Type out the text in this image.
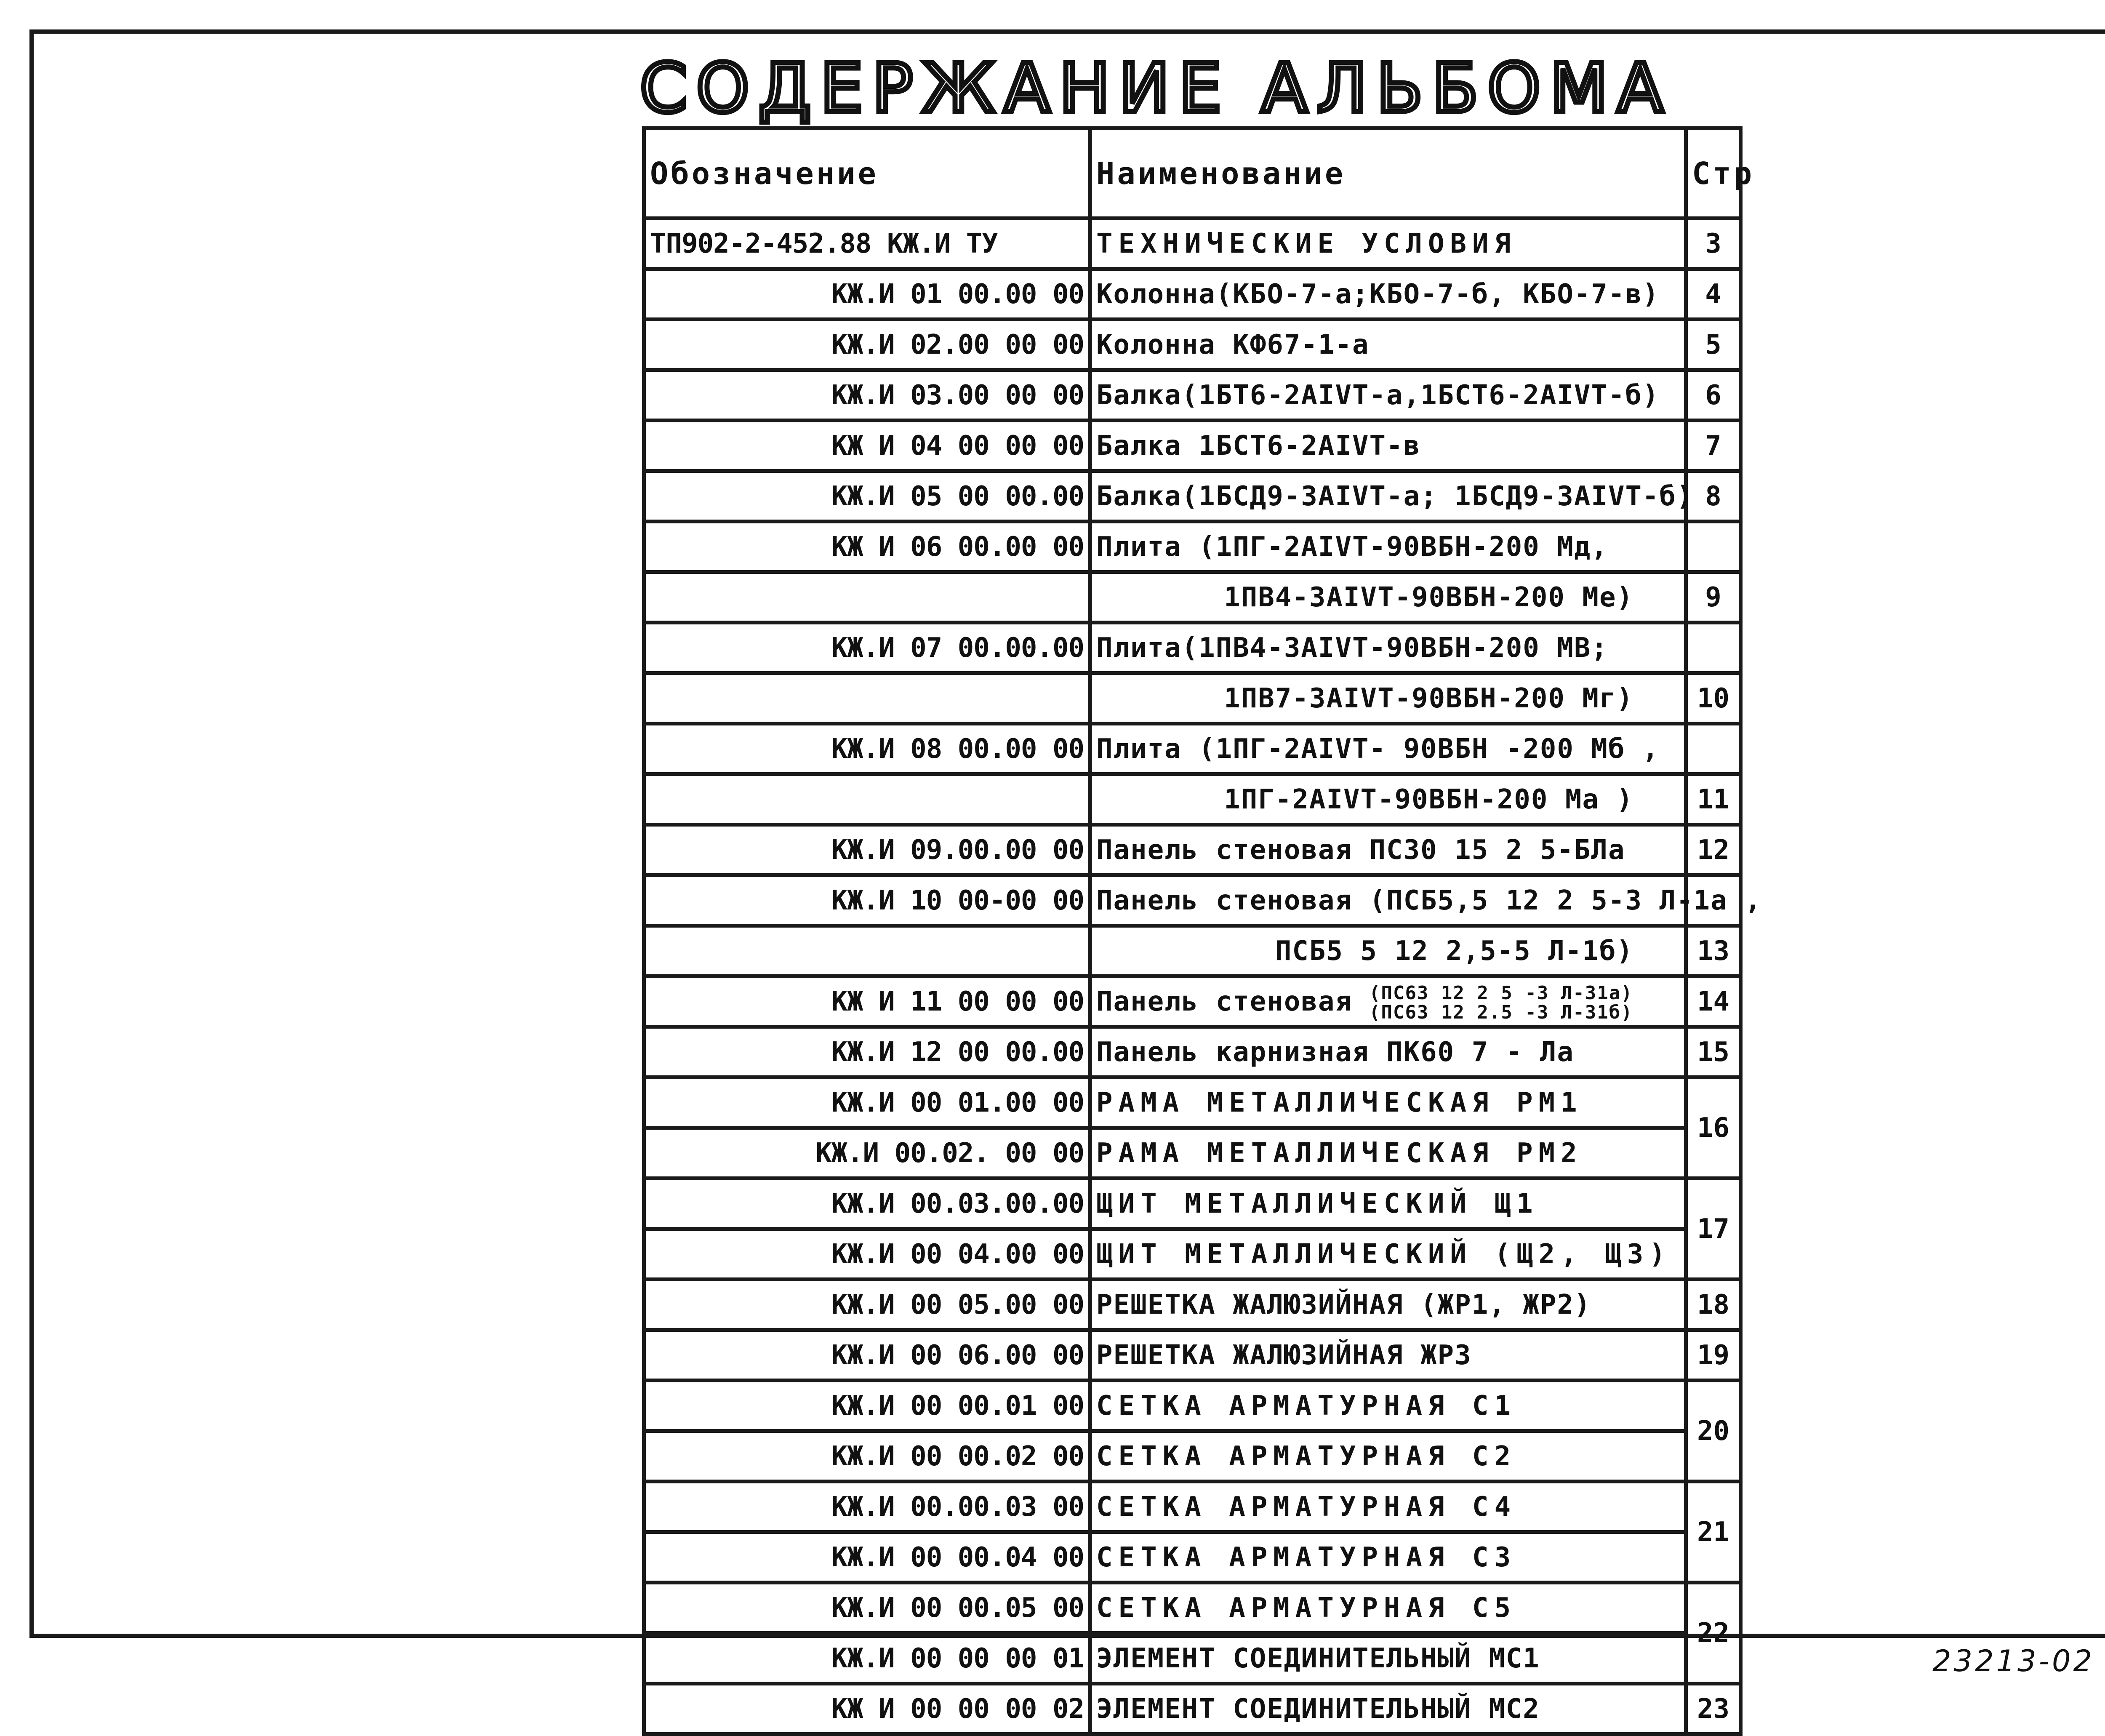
СОДЕРЖАНИЕ АЛЬБОМА
Обозначение	Наименование	Стр
ТП902-2-452.88 КЖ.И ТУ	ТЕХНИЧЕСКИЕ УСЛОВИЯ	3
КЖ.И 01 00.00 00	Колонна(КБО-7-а;КБО-7-б, КБО-7-в)	4
КЖ.И 02.00 00 00	Колонна КФ67-1-а	5
КЖ.И 03.00 00 00	Балка(1БТ6-2АIVТ-а,1БСТ6-2АIVТ-б)	6
КЖ И 04 00 00 00	Балка 1БСТ6-2АIVТ-в	7
КЖ.И 05 00 00.00	Балка(1БСД9-3АIVТ-а; 1БСД9-3АIVТ-б)	8
КЖ И 06 00.00 00	Плита (1ПГ-2АIVТ-90ВБН-200 Мд,	
	1ПВ4-3АIVТ-90ВБН-200 Ме)	9
КЖ.И 07 00.00.00	Плита(1ПВ4-3АIVТ-90ВБН-200 МВ;	
	1ПВ7-3АIVТ-90ВБН-200 Мг)	10
КЖ.И 08 00.00 00	Плита (1ПГ-2АIVТ- 90ВБН -200 Мб ,	
	1ПГ-2АIVТ-90ВБН-200 Ма )	11
КЖ.И 09.00.00 00	Панель стеновая ПС30 15 2 5-БЛа	12
КЖ.И 10 00-00 00	Панель стеновая (ПСБ5,5 12 2 5-3 Л-1а ,	
	ПСБ5 5 12 2,5-5 Л-1б)	13
КЖ И 11 00 00 00	Панель стеновая (ПС63 12 2 5 -3 Л-31а)
(ПС63 12 2.5 -3 Л-31б)	14
КЖ.И 12 00 00.00	Панель карнизная ПК60 7 - Ла	15
КЖ.И 00 01.00 00	РАМА МЕТАЛЛИЧЕСКАЯ РМ1	16
КЖ.И 00.02. 00 00	РАМА МЕТАЛЛИЧЕСКАЯ РМ2	
КЖ.И 00.03.00.00	ЩИТ МЕТАЛЛИЧЕСКИЙ Щ1	17
КЖ.И 00 04.00 00	ЩИТ МЕТАЛЛИЧЕСКИЙ (Щ2, Щ3)	
КЖ.И 00 05.00 00	РЕШЕТКА ЖАЛЮЗИЙНАЯ (ЖР1, ЖР2)	18
КЖ.И 00 06.00 00	РЕШЕТКА ЖАЛЮЗИЙНАЯ ЖР3	19
КЖ.И 00 00.01 00	СЕТКА АРМАТУРНАЯ С1	20
КЖ.И 00 00.02 00	СЕТКА АРМАТУРНАЯ С2	
КЖ.И 00.00.03 00	СЕТКА АРМАТУРНАЯ С4	21
КЖ.И 00 00.04 00	СЕТКА АРМАТУРНАЯ С3	
КЖ.И 00 00.05 00	СЕТКА АРМАТУРНАЯ С5	22
КЖ.И 00 00 00 01	ЭЛЕМЕНТ СОЕДИНИТЕЛЬНЫЙ МС1	
КЖ И 00 00 00 02	ЭЛЕМЕНТ СОЕДИНИТЕЛЬНЫЙ МС2	23
23213-02
